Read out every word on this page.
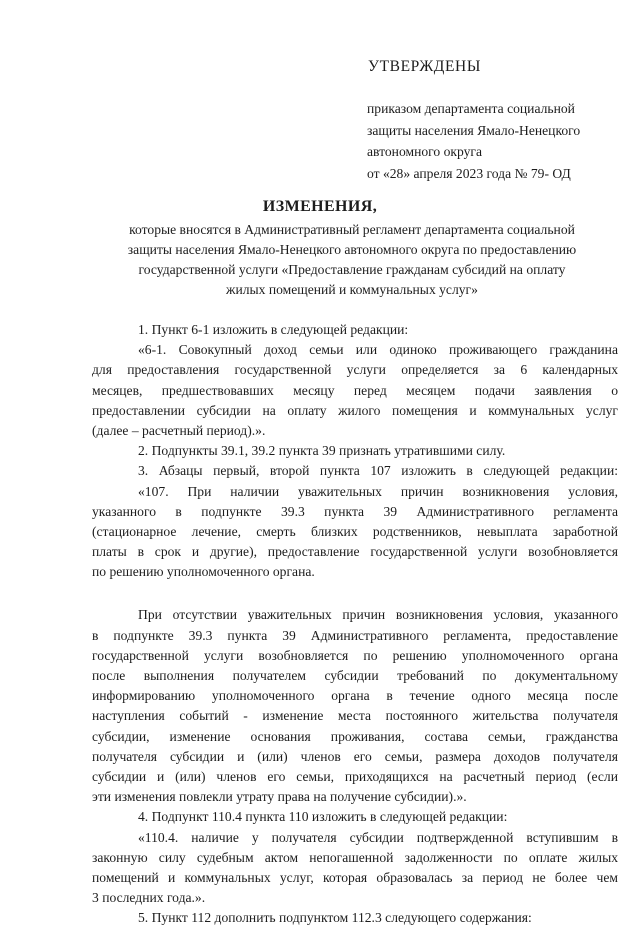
УТВЕРЖДЕНЫ
приказом департамента социальной
защиты населения Ямало-Ненецкого
автономного округа
от «28» апреля 2023 года № 79- ОД
ИЗМЕНЕНИЯ,
которые вносятся в Административный регламент департамента социальной
защиты населения Ямало-Ненецкого автономного округа по предоставлению
государственной услуги «Предоставление гражданам субсидий на оплату
жилых помещений и коммунальных услуг»
1. Пункт 6-1 изложить в следующей редакции:
«6-1. Совокупный доход семьи или одиноко проживающего гражданина
для предоставления государственной услуги определяется за 6 календарных
месяцев, предшествовавших месяцу перед месяцем подачи заявления о
предоставлении субсидии на оплату жилого помещения и коммунальных услуг
(далее – расчетный период).».
2. Подпункты 39.1, 39.2 пункта 39 признать утратившими силу.
3. Абзацы первый, второй пункта 107 изложить в следующей редакции:
«107. При наличии уважительных причин возникновения условия,
указанного в подпункте 39.3 пункта 39 Административного регламента
(стационарное лечение, смерть близких родственников, невыплата заработной
платы в срок и другие), предоставление государственной услуги возобновляется
по решению уполномоченного органа.
При отсутствии уважительных причин возникновения условия, указанного
в подпункте 39.3 пункта 39 Административного регламента, предоставление
государственной услуги возобновляется по решению уполномоченного органа
после выполнения получателем субсидии требований по документальному
информированию уполномоченного органа в течение одного месяца после
наступления событий - изменение места постоянного жительства получателя
субсидии, изменение основания проживания, состава семьи, гражданства
получателя субсидии и (или) членов его семьи, размера доходов получателя
субсидии и (или) членов его семьи, приходящихся на расчетный период (если
эти изменения повлекли утрату права на получение субсидии).».
4. Подпункт 110.4 пункта 110 изложить в следующей редакции:
«110.4. наличие у получателя субсидии подтвержденной вступившим в
законную силу судебным актом непогашенной задолженности по оплате жилых
помещений и коммунальных услуг, которая образовалась за период не более чем
3 последних года.».
5. Пункт 112 дополнить подпунктом 112.3 следующего содержания:
